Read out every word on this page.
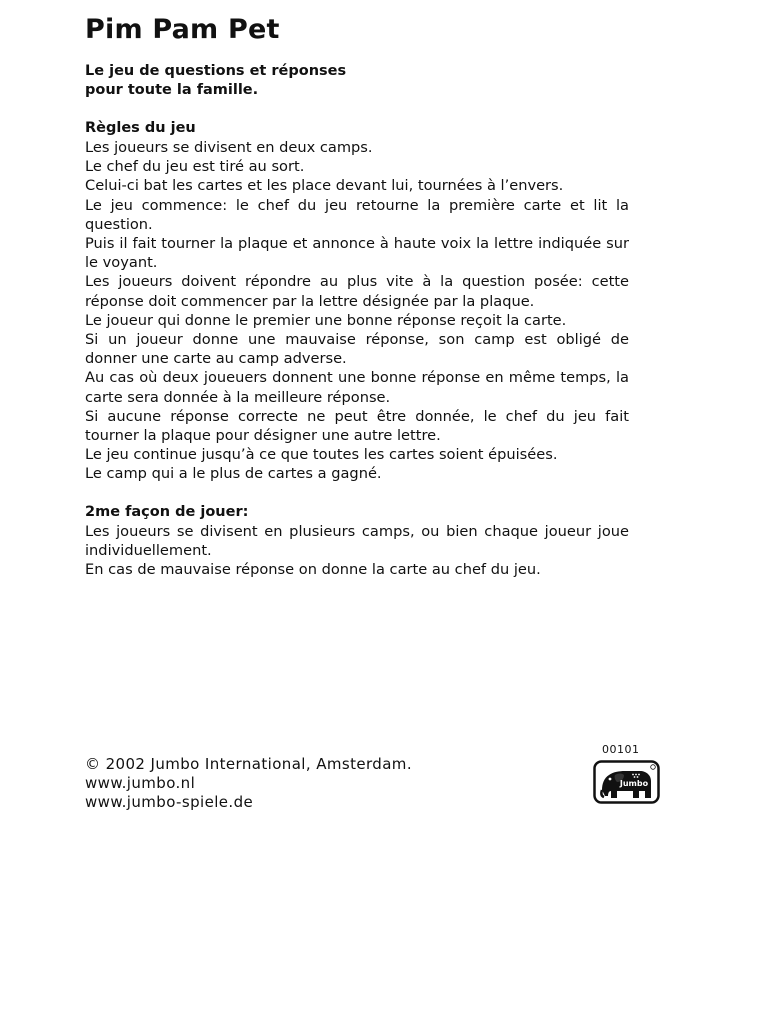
Pim Pam Pet
Le jeu de questions et réponses
pour toute la famille.
Règles du jeu

Les joueurs se divisent en deux camps.

Le chef du jeu est tiré au sort.

Celui-ci bat les cartes et les place devant lui, tournées à l’envers.

Le jeu commence: le chef du jeu retourne la première carte et lit la question.

Puis il fait tourner la plaque et annonce à haute voix la lettre indiquée sur le voyant.

Les joueurs doivent répondre au plus vite à la question posée: cette réponse doit commencer par la lettre désignée par la plaque.

Le joueur qui donne le premier une bonne réponse reçoit la carte.

Si un joueur donne une mauvaise réponse, son camp est obligé de donner une carte au camp adverse.

Au cas où deux joueuers donnent une bonne réponse en même temps, la carte sera donnée à la meilleure réponse.

Si aucune réponse correcte ne peut être donnée, le chef du jeu fait tourner la plaque pour désigner une autre lettre.

Le jeu continue jusqu’à ce que toutes les cartes soient épuisées.

Le camp qui a le plus de cartes a gagné.

2me façon de jouer:

Les joueurs se divisent en plusieurs camps, ou bien chaque joueur joue individuellement.

En cas de mauvaise réponse on donne la carte au chef du jeu.

© 2002 Jumbo International, Amsterdam.
www.jumbo.nl
www.jumbo-spiele.de
00101
Jumbo
